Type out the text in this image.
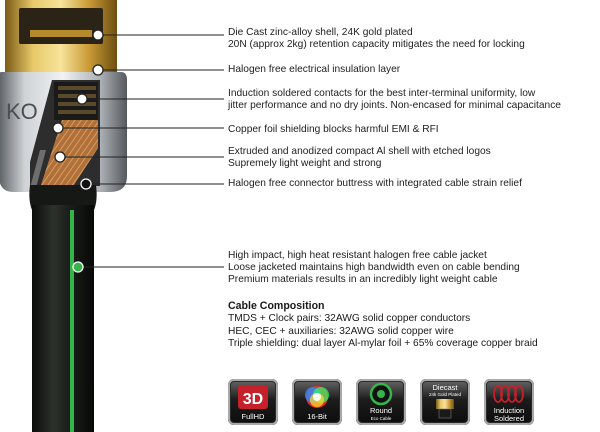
KO
Die Cast zinc-alloy shell, 24K gold plated
20N (approx 2kg) retention capacity mitigates the need for locking
Halogen free electrical insulation layer
Induction soldered contacts for the best inter-terminal uniformity, low
jitter performance and no dry joints. Non-encased for minimal capacitance
Copper foil shielding blocks harmful EMI & RFI
Extruded and anodized compact Al shell with etched logos
Supremely light weight and strong
Halogen free connector buttress with integrated cable strain relief
High impact, high heat resistant halogen free cable jacket
Loose jacketed maintains high bandwidth even on cable bending
Premium materials results in an incredibly light weight cable
Cable Composition
TMDS + Clock pairs: 32AWG solid copper conductors
HEC, CEC + auxiliaries: 32AWG solid copper wire
Triple shielding: dual layer Al-mylar foil + 65% coverage copper braid
3D
FullHD	16-Bit
Round
Eco Cable
Diecast
24k Gold Plated
Induction
Soldered
